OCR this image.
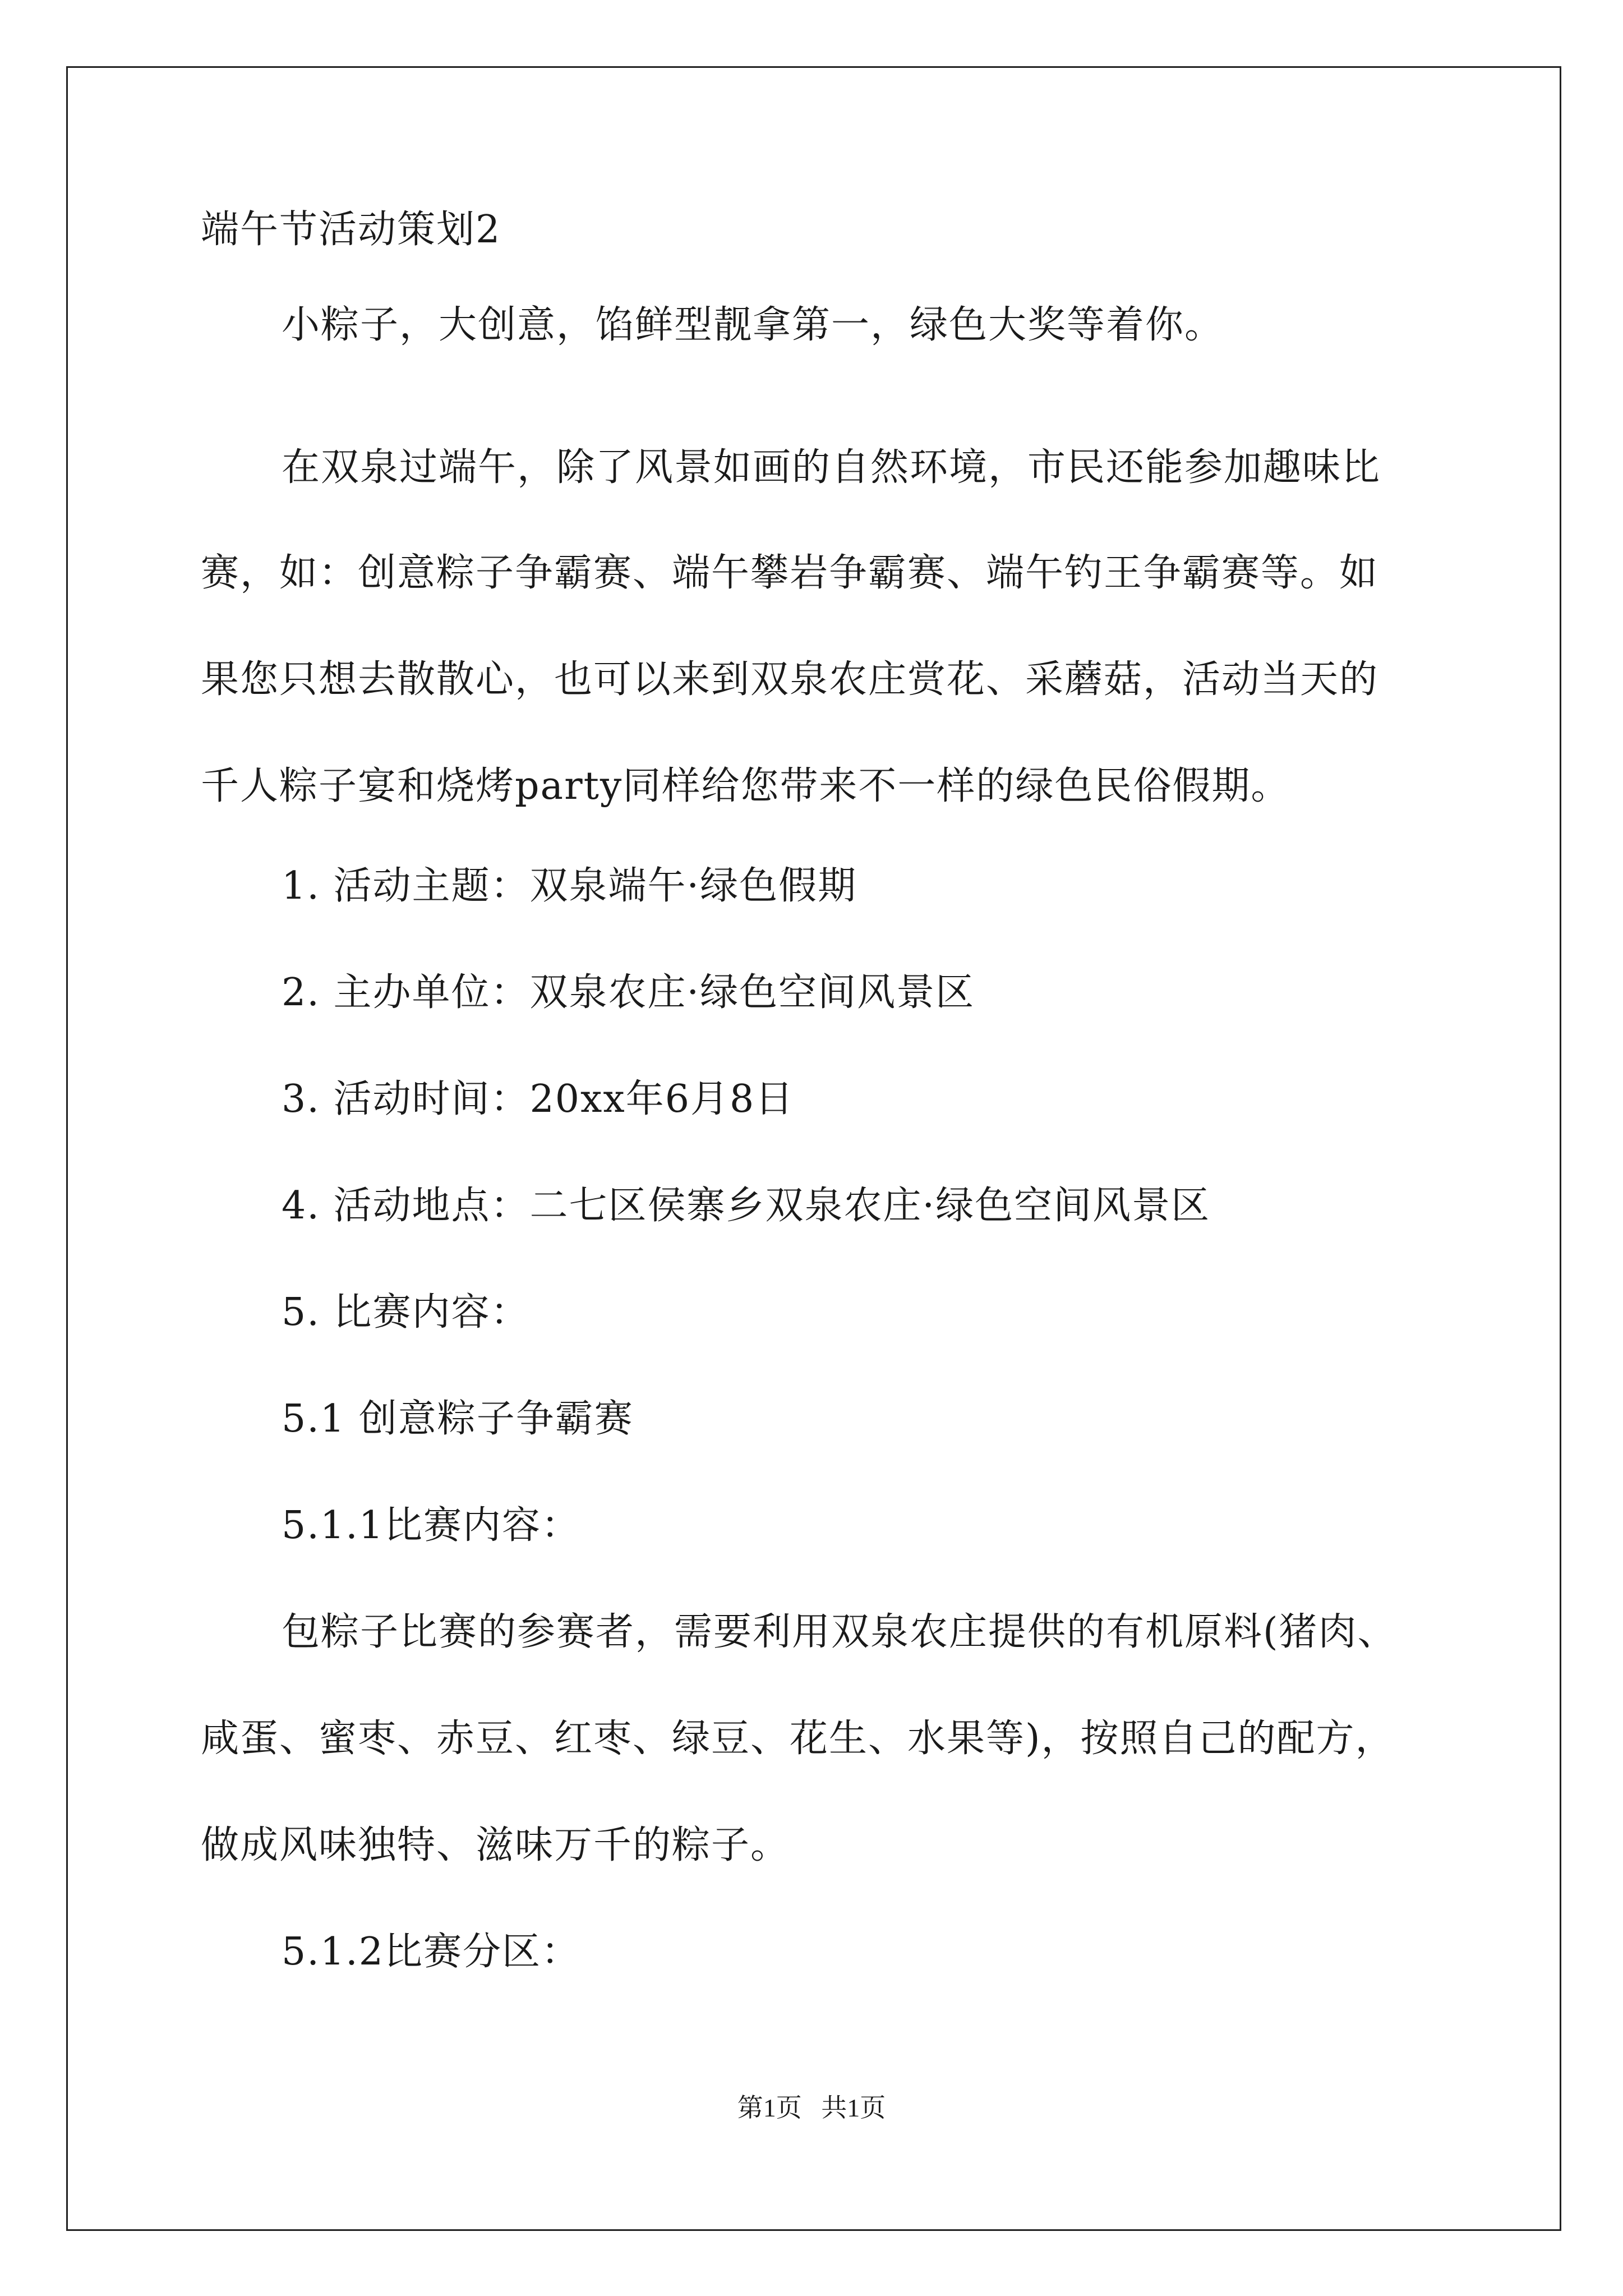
端午节活动策划2
小粽子，大创意，馅鲜型靓拿第一，绿色大奖等着你。
在双泉过端午，除了风景如画的自然环境，市民还能参加趣味比
赛，如：创意粽子争霸赛、端午攀岩争霸赛、端午钓王争霸赛等。如
果您只想去散散心，也可以来到双泉农庄赏花、采蘑菇，活动当天的
千人粽子宴和烧烤party同样给您带来不一样的绿色民俗假期。
1. 活动主题：双泉端午·绿色假期
2. 主办单位：双泉农庄·绿色空间风景区
3. 活动时间：20xx年6月8日
4. 活动地点：二七区侯寨乡双泉农庄·绿色空间风景区
5. 比赛内容：
5.1 创意粽子争霸赛
5.1.1比赛内容：
包粽子比赛的参赛者，需要利用双泉农庄提供的有机原料(猪肉、
咸蛋、蜜枣、赤豆、红枣、绿豆、花生、水果等)，按照自己的配方，
做成风味独特、滋味万千的粽子。
5.1.2比赛分区：
第1页   共1页
